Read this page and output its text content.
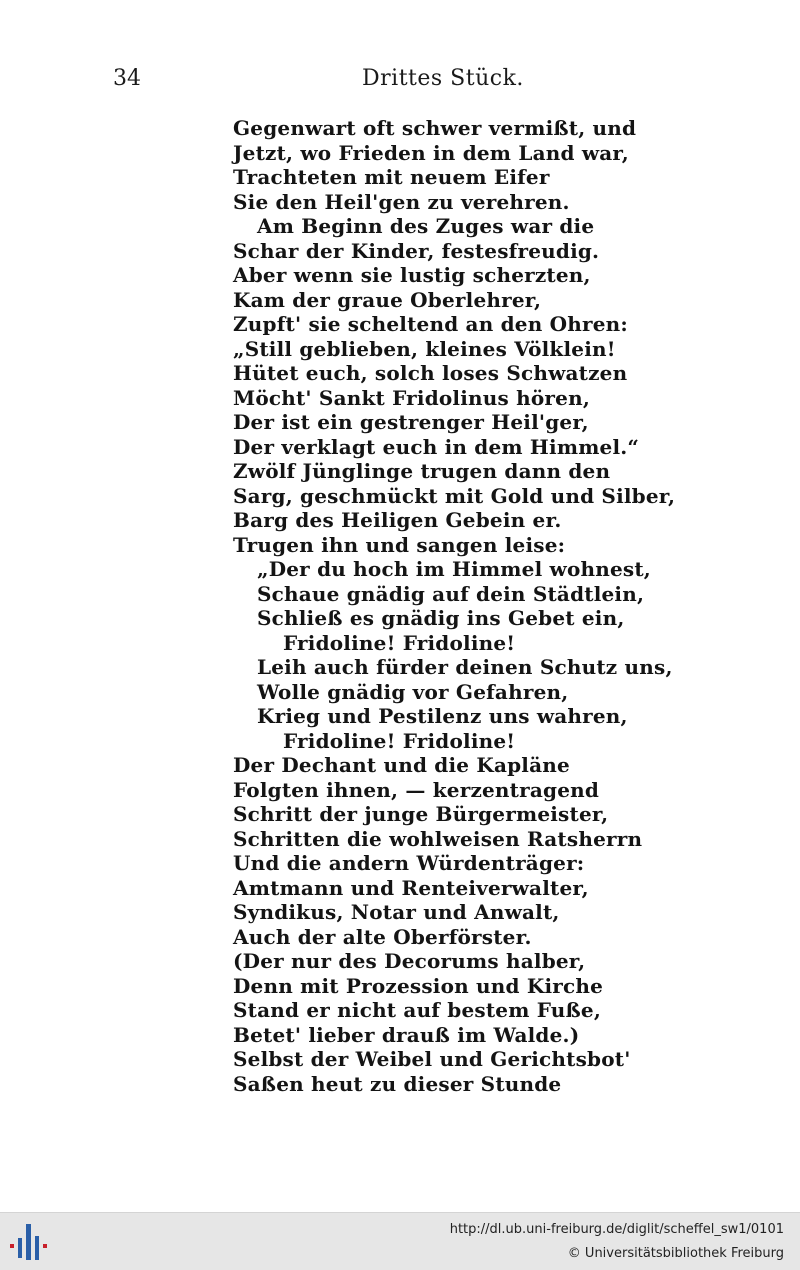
34	Drittes Stück.
Gegenwart oft schwer vermißt, und
Jetzt, wo Frieden in dem Land war,
Trachteten mit neuem Eifer
Sie den Heil'gen zu verehren.
Am Beginn des Zuges war die
Schar der Kinder, festesfreudig.
Aber wenn sie lustig scherzten,
Kam der graue Oberlehrer,
Zupft' sie scheltend an den Ohren:
„Still geblieben, kleines Völklein!
Hütet euch, solch loses Schwatzen
Möcht' Sankt Fridolinus hören,
Der ist ein gestrenger Heil'ger,
Der verklagt euch in dem Himmel.“
Zwölf Jünglinge trugen dann den
Sarg, geschmückt mit Gold und Silber,
Barg des Heiligen Gebein er.
Trugen ihn und sangen leise:
„Der du hoch im Himmel wohnest,
Schaue gnädig auf dein Städtlein,
Schließ es gnädig ins Gebet ein,
Fridoline! Fridoline!
Leih auch fürder deinen Schutz uns,
Wolle gnädig vor Gefahren,
Krieg und Pestilenz uns wahren,
Fridoline! Fridoline!
Der Dechant und die Kapläne
Folgten ihnen, — kerzentragend
Schritt der junge Bürgermeister,
Schritten die wohlweisen Ratsherrn
Und die andern Würdenträger:
Amtmann und Renteiverwalter,
Syndikus, Notar und Anwalt,
Auch der alte Oberförster.
(Der nur des Decorums halber,
Denn mit Prozession und Kirche
Stand er nicht auf bestem Fuße,
Betet' lieber drauß im Walde.)
Selbst der Weibel und Gerichtsbot'
Saßen heut zu dieser Stunde
http://dl.ub.uni-freiburg.de/diglit/scheffel_sw1/0101
© Universitätsbibliothek Freiburg
